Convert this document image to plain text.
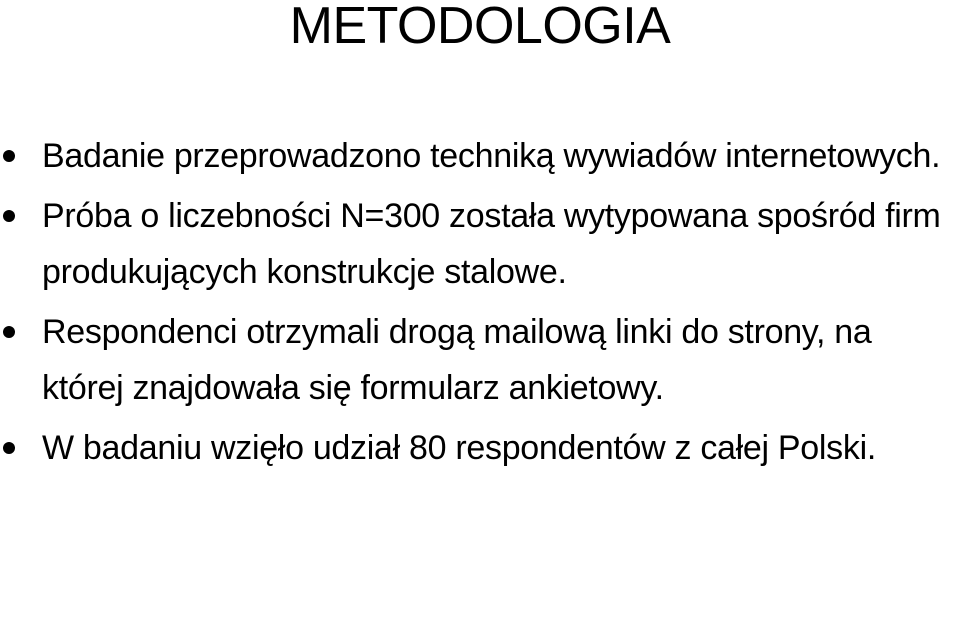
METODOLOGIA
Badanie przeprowadzono techniką wywiadów internetowych.
Próba o liczebności N=300 została wytypowana spośród firm produkujących konstrukcje stalowe.
Respondenci otrzymali drogą mailową linki do strony, na której znajdowała się formularz ankietowy.
W badaniu wzięło udział 80 respondentów z całej Polski.
